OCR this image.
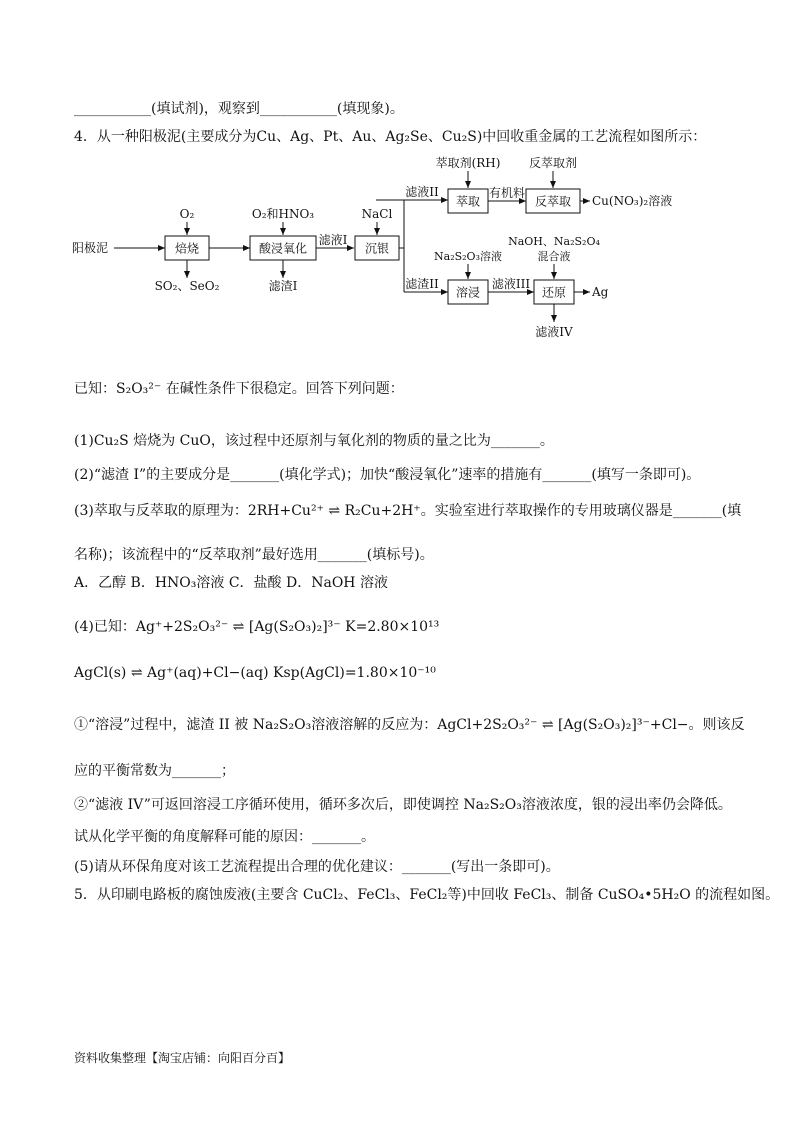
___________(填试剂)，观察到___________(填现象)。
4．从一种阳极泥(主要成分为Cu、Ag、Pt、Au、Ag₂Se、Cu₂S)中回收重金属的工艺流程如图所示：
阳极泥	焙烧
O₂
SO₂、SeO₂
酸浸氧化
O₂和HNO₃
滤渣I
滤液I
沉银
NaCl
滤液II
萃取
萃取剂(RH)
有机料
反萃取
反萃取剂
Cu(NO₃)₂溶液
滤渣II
溶浸
Na₂S₂O₃溶液
滤液III
还原
NaOH、Na₂S₂O₄
混合液
Ag
滤液IV
已知：S₂O₃²⁻ 在碱性条件下很稳定。回答下列问题：
(1)Cu₂S 焙烧为 CuO，该过程中还原剂与氧化剂的物质的量之比为_______。
(2)“滤渣 I”的主要成分是_______(填化学式)；加快“酸浸氧化”速率的措施有_______(填写一条即可)。
(3)萃取与反萃取的原理为：2RH+Cu²⁺ ⇌ R₂Cu+2H⁺。实验室进行萃取操作的专用玻璃仪器是_______(填
名称)；该流程中的“反萃取剂”最好选用_______(填标号)。
A．乙醇 B．HNO₃溶液 C．盐酸 D．NaOH 溶液
(4)已知：Ag⁺+2S₂O₃²⁻ ⇌ [Ag(S₂O₃)₂]³⁻ K=2.80×10¹³
AgCl(s) ⇌ Ag⁺(aq)+Cl−(aq) Ksp(AgCl)=1.80×10⁻¹⁰
①“溶浸”过程中，滤渣 II 被 Na₂S₂O₃溶液溶解的反应为：AgCl+2S₂O₃²⁻ ⇌ [Ag(S₂O₃)₂]³⁻+Cl−。则该反
应的平衡常数为_______；
②“滤液 IV”可返回溶浸工序循环使用，循环多次后，即使调控 Na₂S₂O₃溶液浓度，银的浸出率仍会降低。
试从化学平衡的角度解释可能的原因：_______。
(5)请从环保角度对该工艺流程提出合理的优化建议：_______(写出一条即可)。
5．从印刷电路板的腐蚀废液(主要含 CuCl₂、FeCl₃、FeCl₂等)中回收 FeCl₃、制备 CuSO₄•5H₂O 的流程如图。
资料收集整理【淘宝店铺：向阳百分百】
